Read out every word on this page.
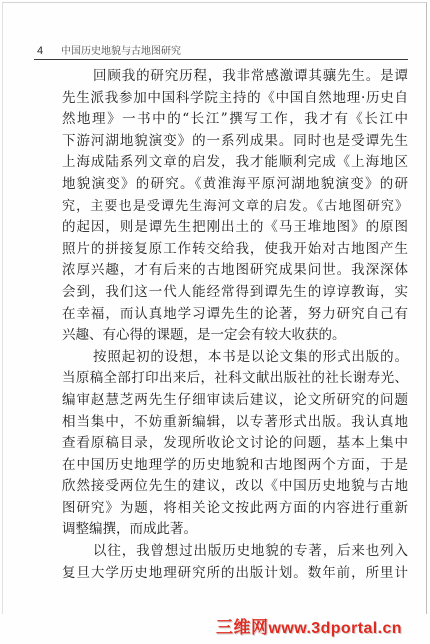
4 中国历史地貌与古地图研究
回顾我的研究历程，我非常感激谭其骧先生。是谭
先生派我参加中国科学院主持的《中国自然地理·历史自
然地理》一书中的“长江”撰写工作，我才有《长江中
下游河湖地貌演变》的一系列成果。同时也是受谭先生
上海成陆系列文章的启发，我才能顺利完成《上海地区
地貌演变》的研究。《黄淮海平原河湖地貌演变》的研
究，主要也是受谭先生海河文章的启发。《古地图研究》
的起因，则是谭先生把刚出土的《马王堆地图》的原图
照片的拼接复原工作转交给我，使我开始对古地图产生
浓厚兴趣，才有后来的古地图研究成果问世。我深深体
会到，我们这一代人能经常得到谭先生的谆谆教诲，实
在幸福，而认真地学习谭先生的论著，努力研究自己有
兴趣、有心得的课题，是一定会有较大收获的。
按照起初的设想，本书是以论文集的形式出版的。
当原稿全部打印出来后，社科文献出版社的社长谢寿光、
编审赵慧芝两先生仔细审读后建议，论文所研究的问题
相当集中，不妨重新编辑，以专著形式出版。我认真地
查看原稿目录，发现所收论文讨论的问题，基本上集中
在中国历史地理学的历史地貌和古地图两个方面，于是
欣然接受两位先生的建议，改以《中国历史地貌与古地
图研究》为题，将相关论文按此两方面的内容进行重新
调整编撰，而成此著。
以往，我曾想过出版历史地貌的专著，后来也列入
复旦大学历史地理研究所的出版计划。数年前，所里计
三维网www.3dportal.cn
